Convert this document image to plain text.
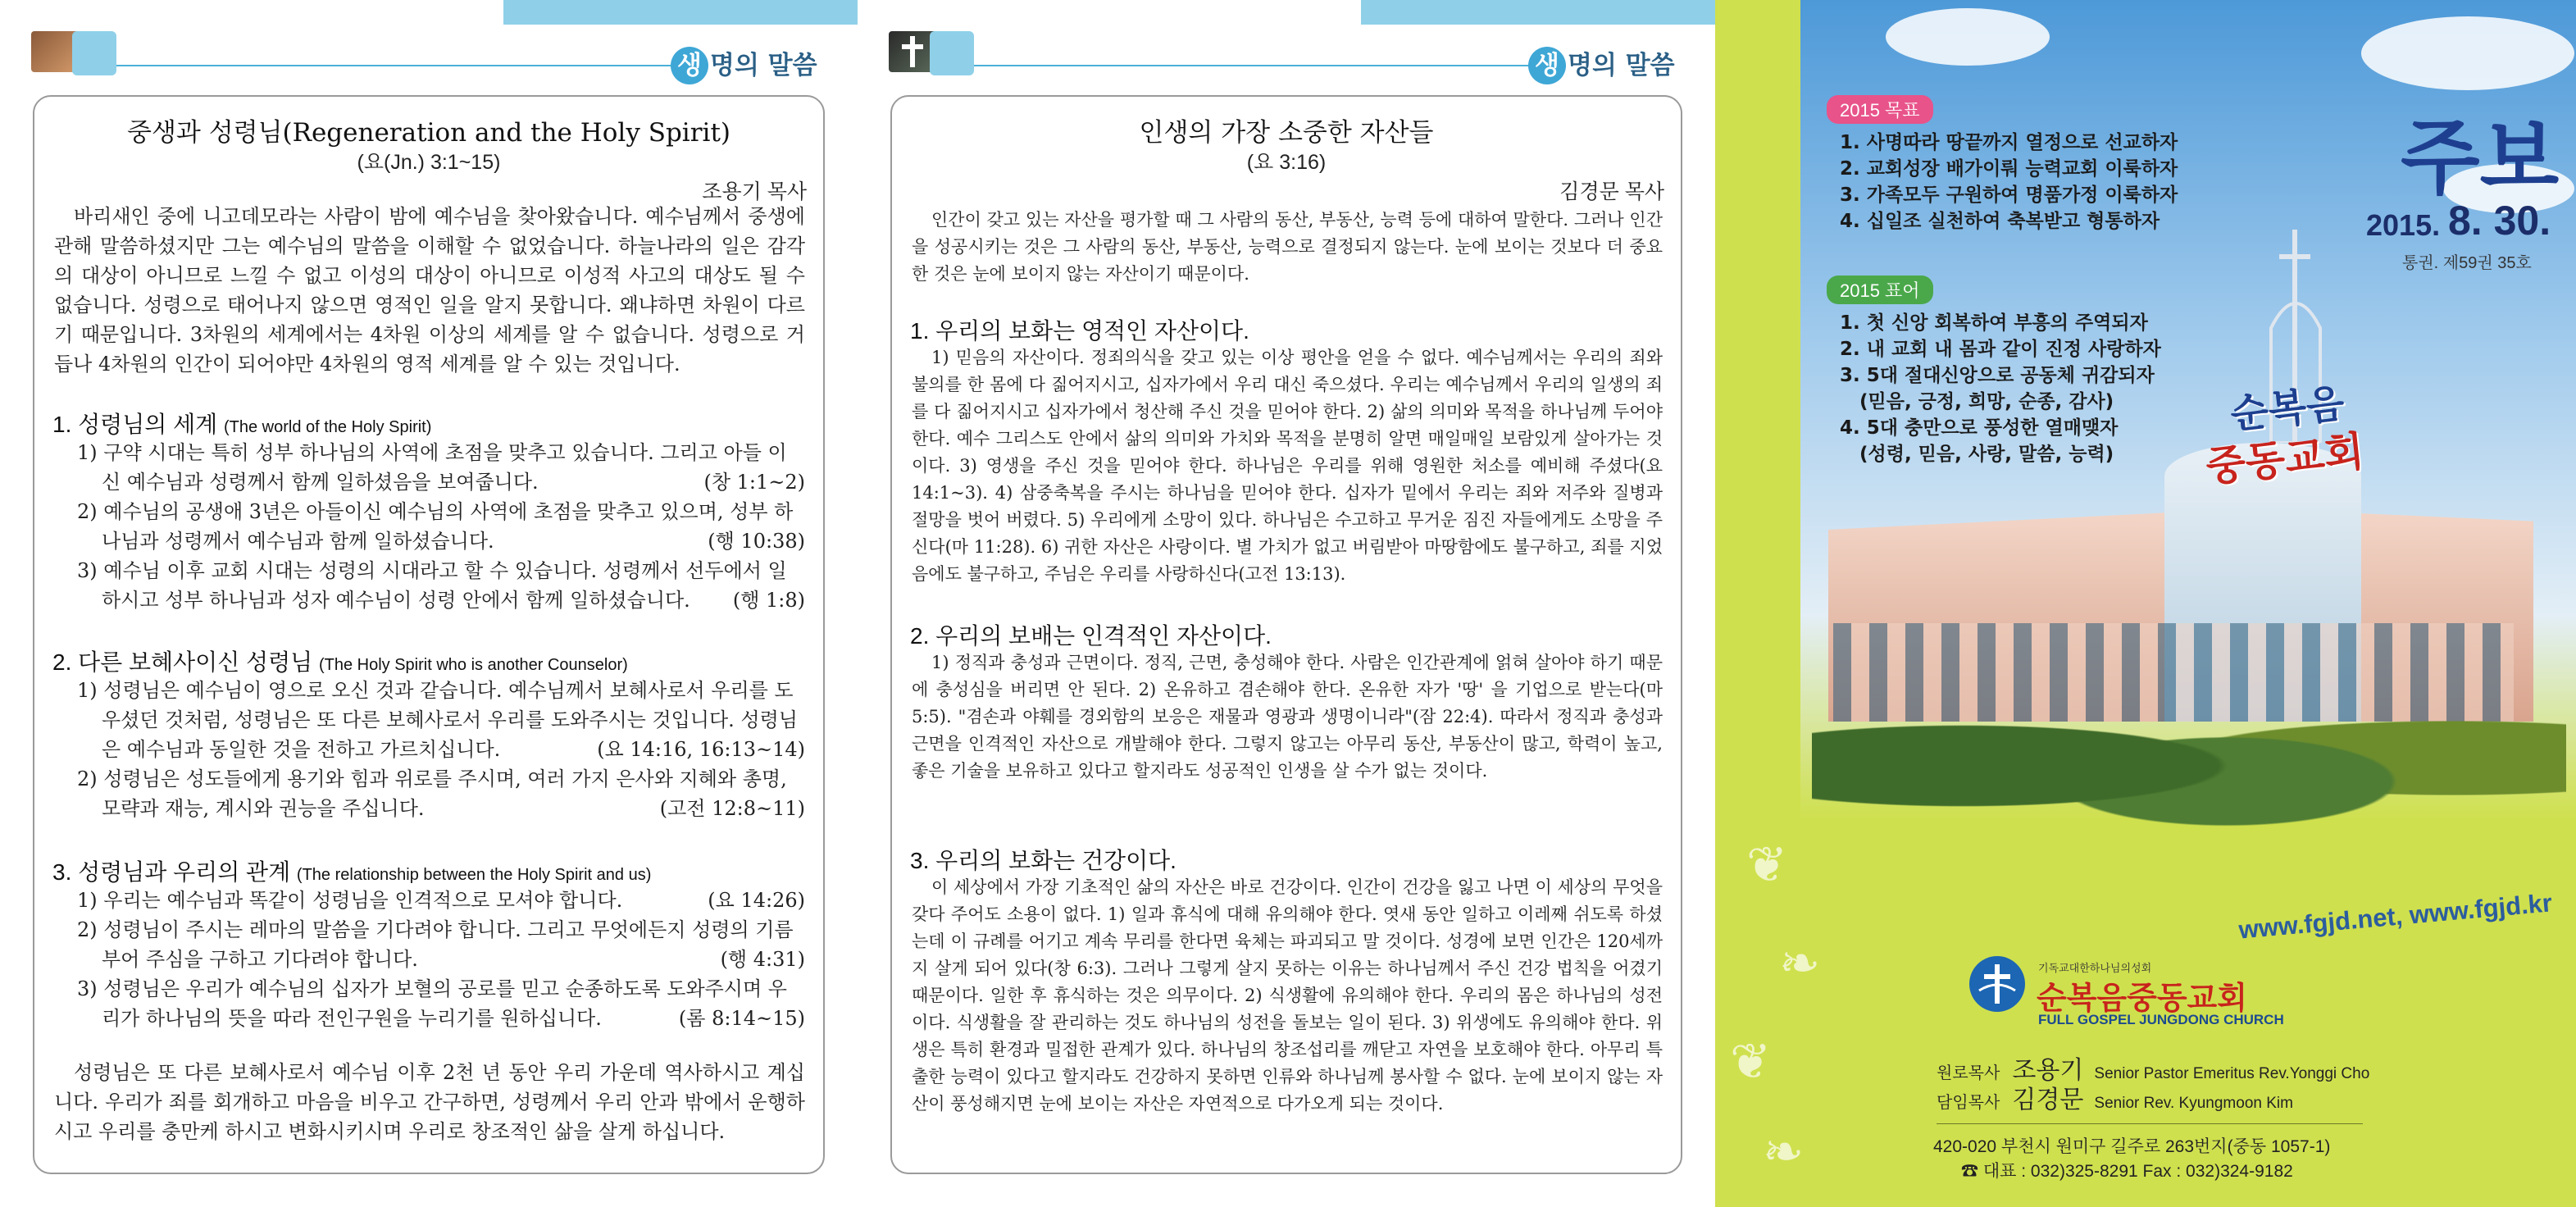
생 명의 말씀
중생과 성령님(Regeneration and the Holy Spirit)
(요(Jn.) 3:1~15)
조용기 목사
바리새인 중에 니고데모라는 사람이 밤에 예수님을 찾아왔습니다. 예수님께서 중생에 관해 말씀하셨지만 그는 예수님의 말씀을 이해할 수 없었습니다. 하늘나라의 일은 감각의 대상이 아니므로 느낄 수 없고 이성의 대상이 아니므로 이성적 사고의 대상도 될 수 없습니다. 성령으로 태어나지 않으면 영적인 일을 알지 못합니다. 왜냐하면 차원이 다르기 때문입니다. 3차원의 세계에서는 4차원 이상의 세계를 알 수 없습니다. 성령으로 거듭나 4차원의 인간이 되어야만 4차원의 영적 세계를 알 수 있는 것입니다.
1. 성령님의 세계 (The world of the Holy Spirit)
1) 구약 시대는 특히 성부 하나님의 사역에 초점을 맞추고 있습니다. 그리고 아들 이신 예수님과 성령께서 함께 일하셨음을 보여줍니다.	(창 1:1~2)
2) 예수님의 공생애 3년은 아들이신 예수님의 사역에 초점을 맞추고 있으며, 성부 하나님과 성령께서 예수님과 함께 일하셨습니다.	(행 10:38)
3) 예수님 이후 교회 시대는 성령의 시대라고 할 수 있습니다. 성령께서 선두에서 일하시고 성부 하나님과 성자 예수님이 성령 안에서 함께 일하셨습니다. (행 1:8)
2. 다른 보혜사이신 성령님 (The Holy Spirit who is another Counselor)
1) 성령님은 예수님이 영으로 오신 것과 같습니다. 예수님께서 보혜사로서 우리를 도우셨던 것처럼, 성령님은 또 다른 보혜사로서 우리를 도와주시는 것입니다. 성령님은 예수님과 동일한 것을 전하고 가르치십니다.	(요 14:16, 16:13~14)
2) 성령님은 성도들에게 용기와 힘과 위로를 주시며, 여러 가지 은사와 지혜와 총명, 모략과 재능, 계시와 권능을 주십니다.	(고전 12:8~11)
3. 성령님과 우리의 관계 (The relationship between the Holy Spirit and us)
1) 우리는 예수님과 똑같이 성령님을 인격적으로 모셔야 합니다.	(요 14:26)
2) 성령님이 주시는 레마의 말씀을 기다려야 합니다. 그리고 무엇에든지 성령의 기름 부어 주심을 구하고 기다려야 합니다.	(행 4:31)
3) 성령님은 우리가 예수님의 십자가 보혈의 공로를 믿고 순종하도록 도와주시며 우리가 하나님의 뜻을 따라 전인구원을 누리기를 원하십니다.	(롬 8:14~15)
성령님은 또 다른 보혜사로서 예수님 이후 2천 년 동안 우리 가운데 역사하시고 계십니다. 우리가 죄를 회개하고 마음을 비우고 간구하면, 성령께서 우리 안과 밖에서 운행하시고 우리를 충만케 하시고 변화시키시며 우리로 창조적인 삶을 살게 하십니다.
생 명의 말씀
인생의 가장 소중한 자산들
(요 3:16)
김경문 목사
인간이 갖고 있는 자산을 평가할 때 그 사람의 동산, 부동산, 능력 등에 대하여 말한다. 그러나 인간을 성공시키는 것은 그 사람의 동산, 부동산, 능력으로 결정되지 않는다. 눈에 보이는 것보다 더 중요한 것은 눈에 보이지 않는 자산이기 때문이다.
1. 우리의 보화는 영적인 자산이다.
1) 믿음의 자산이다. 정죄의식을 갖고 있는 이상 평안을 얻을 수 없다. 예수님께서는 우리의 죄와 불의를 한 몸에 다 짊어지시고, 십자가에서 우리 대신 죽으셨다. 우리는 예수님께서 우리의 일생의 죄를 다 짊어지시고 십자가에서 청산해 주신 것을 믿어야 한다. 2) 삶의 의미와 목적을 하나님께 두어야 한다. 예수 그리스도 안에서 삶의 의미와 가치와 목적을 분명히 알면 매일매일 보람있게 살아가는 것이다. 3) 영생을 주신 것을 믿어야 한다. 하나님은 우리를 위해 영원한 처소를 예비해 주셨다(요 14:1~3). 4) 삼중축복을 주시는 하나님을 믿어야 한다. 십자가 밑에서 우리는 죄와 저주와 질병과 절망을 벗어 버렸다. 5) 우리에게 소망이 있다. 하나님은 수고하고 무거운 짐진 자들에게도 소망을 주신다(마 11:28). 6) 귀한 자산은 사랑이다. 별 가치가 없고 버림받아 마땅함에도 불구하고, 죄를 지었음에도 불구하고, 주님은 우리를 사랑하신다(고전 13:13).
2. 우리의 보배는 인격적인 자산이다.
1) 정직과 충성과 근면이다. 정직, 근면, 충성해야 한다. 사람은 인간관계에 얽혀 살아야 하기 때문에 충성심을 버리면 안 된다. 2) 온유하고 겸손해야 한다. 온유한 자가 '땅' 을 기업으로 받는다(마 5:5). "겸손과 야훼를 경외함의 보응은 재물과 영광과 생명이니라"(잠 22:4). 따라서 정직과 충성과 근면을 인격적인 자산으로 개발해야 한다. 그렇지 않고는 아무리 동산, 부동산이 많고, 학력이 높고, 좋은 기술을 보유하고 있다고 할지라도 성공적인 인생을 살 수가 없는 것이다.
3. 우리의 보화는 건강이다.
이 세상에서 가장 기초적인 삶의 자산은 바로 건강이다. 인간이 건강을 잃고 나면 이 세상의 무엇을 갖다 주어도 소용이 없다. 1) 일과 휴식에 대해 유의해야 한다. 엿새 동안 일하고 이레째 쉬도록 하셨는데 이 규례를 어기고 계속 무리를 한다면 육체는 파괴되고 말 것이다. 성경에 보면 인간은 120세까지 살게 되어 있다(창 6:3). 그러나 그렇게 살지 못하는 이유는 하나님께서 주신 건강 법칙을 어겼기 때문이다. 일한 후 휴식하는 것은 의무이다. 2) 식생활에 유의해야 한다. 우리의 몸은 하나님의 성전이다. 식생활을 잘 관리하는 것도 하나님의 성전을 돌보는 일이 된다. 3) 위생에도 유의해야 한다. 위생은 특히 환경과 밀접한 관계가 있다. 하나님의 창조섭리를 깨닫고 자연을 보호해야 한다. 아무리 특출한 능력이 있다고 할지라도 건강하지 못하면 인류와 하나님께 봉사할 수 없다. 눈에 보이지 않는 자산이 풍성해지면 눈에 보이는 자산은 자연적으로 다가오게 되는 것이다.
순복음
중동교회
2015 목표
1. 사명따라 땅끝까지 열정으로 선교하자
2. 교회성장 배가이뤄 능력교회 이룩하자
3. 가족모두 구원하여 명품가정 이룩하자
4. 십일조 실천하여 축복받고 형통하자
2015 표어
1. 첫 신앙 회복하여 부흥의 주역되자
2. 내 교회 내 몸과 같이 진정 사랑하자
3. 5대 절대신앙으로 공동체 귀감되자
(믿음, 긍정, 희망, 순종, 감사)
4. 5대 충만으로 풍성한 열매맺자
(성령, 믿음, 사랑, 말씀, 능력)
주보
2015. 8. 30.
통권. 제59권 35호
❦
❧
❦
❧
www.fgjd.net, www.fgjd.kr
기독교대한하나님의성회
순복음중동교회
FULL GOSPEL JUNGDONG CHURCH
원로목사 조용기 Senior Pastor Emeritus Rev.Yonggi Cho
담임목사 김경문 Senior Rev. Kyungmoon Kim
420-020 부천시 원미구 길주로 263번지(중동 1057-1)
☎ 대표 : 032)325-8291 Fax : 032)324-9182
